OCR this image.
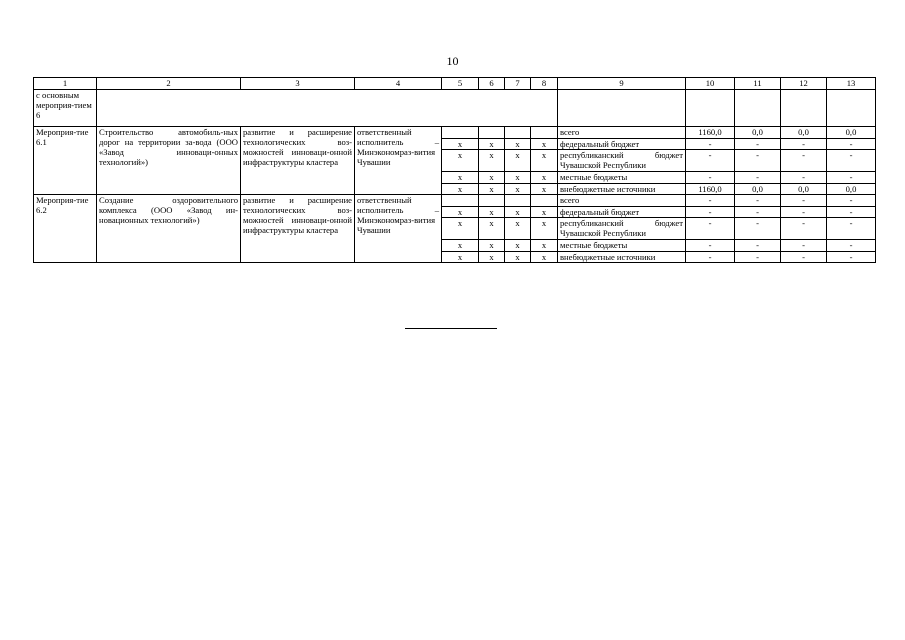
10
1	2	3	4	5	6	7	8	9	10	11	12	13
с основным мероприя-тием 6												
Мероприя-тие 6.1	Строительство автомобиль-ных дорог на территории за-вода (ООО «Завод инноваци-онных технологий»)	развитие и расширение технологических воз-можностей инноваци-онной инфраструктуры кластера	ответственный исполнитель – Минэкономраз-вития Чувашии					всего	1160,0	0,0	0,0	0,0
				х	х	х	х	федеральный бюджет	-	-	-	-
				х	х	х	х	республиканский бюджет Чувашской Республики	-	-	-	-
				х	х	х	х	местные бюджеты	-	-	-	-
				х	х	х	х	внебюджетные источники	1160,0	0,0	0,0	0,0
Мероприя-тие 6.2	Создание оздоровительного комплекса (ООО «Завод ин-новационных технологий»)	развитие и расширение технологических воз-можностей инноваци-онной инфраструктуры кластера	ответственный исполнитель – Минэкономраз-вития Чувашии					всего	-	-	-	-
				х	х	х	х	федеральный бюджет	-	-	-	-
				х	х	х	х	республиканский бюджет Чувашской Республики	-	-	-	-
				х	х	х	х	местные бюджеты	-	-	-	-
				х	х	х	х	внебюджетные источники	-	-	-	-
